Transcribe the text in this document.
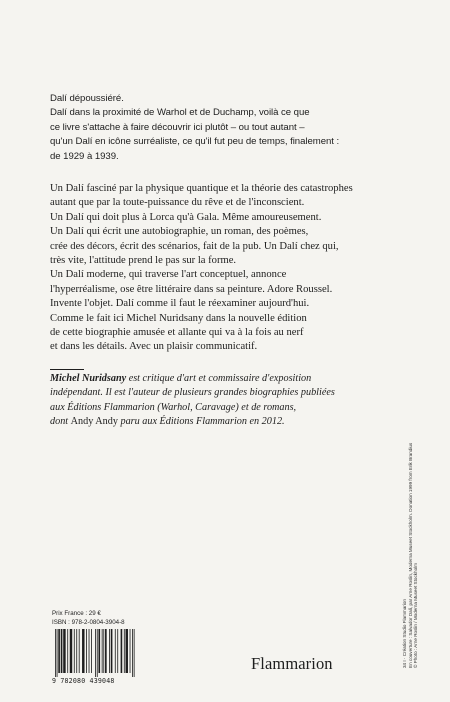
Dalí dépoussiéré.
Dalí dans la proximité de Warhol et de Duchamp, voilà ce que
ce livre s'attache à faire découvrir ici plutôt – ou tout autant –
qu'un Dalí en icône surréaliste, ce qu'il fut peu de temps, finalement :
de 1929 à 1939.
Un Dalí fasciné par la physique quantique et la théorie des catastrophes
autant que par la toute-puissance du rêve et de l'inconscient.
Un Dalí qui doit plus à Lorca qu'à Gala. Même amoureusement.
Un Dalí qui écrit une autobiographie, un roman, des poèmes,
crée des décors, écrit des scénarios, fait de la pub. Un Dalí chez qui,
très vite, l'attitude prend le pas sur la forme.
Un Dalí moderne, qui traverse l'art conceptuel, annonce
l'hyperréalisme, ose être littéraire dans sa peinture. Adore Roussel.
Invente l'objet. Dalí comme il faut le réexaminer aujourd'hui.
Comme le fait ici Michel Nuridsany dans la nouvelle édition
de cette biographie amusée et allante qui va à la fois au nerf
et dans les détails. Avec un plaisir communicatif.
Michel Nuridsany est critique d'art et commissaire d'exposition
indépendant. Il est l'auteur de plusieurs grandes biographies publiées
aux Éditions Flammarion (Warhol, Caravage) et de romans,
dont Andy Andy paru aux Éditions Flammarion en 2012.
34 I · Création Studio Flammarion En couverture : Salvador Dalí, par Arne Roslin, Moderna Museet Stockholm. Donation 1999 from Erik Brandius © Photo : Arne Roslin / Moderna Museet Stockholm
Prix France : 29 €
ISBN : 978-2-0804-3904-8
9 782080 439048
Flammarion
